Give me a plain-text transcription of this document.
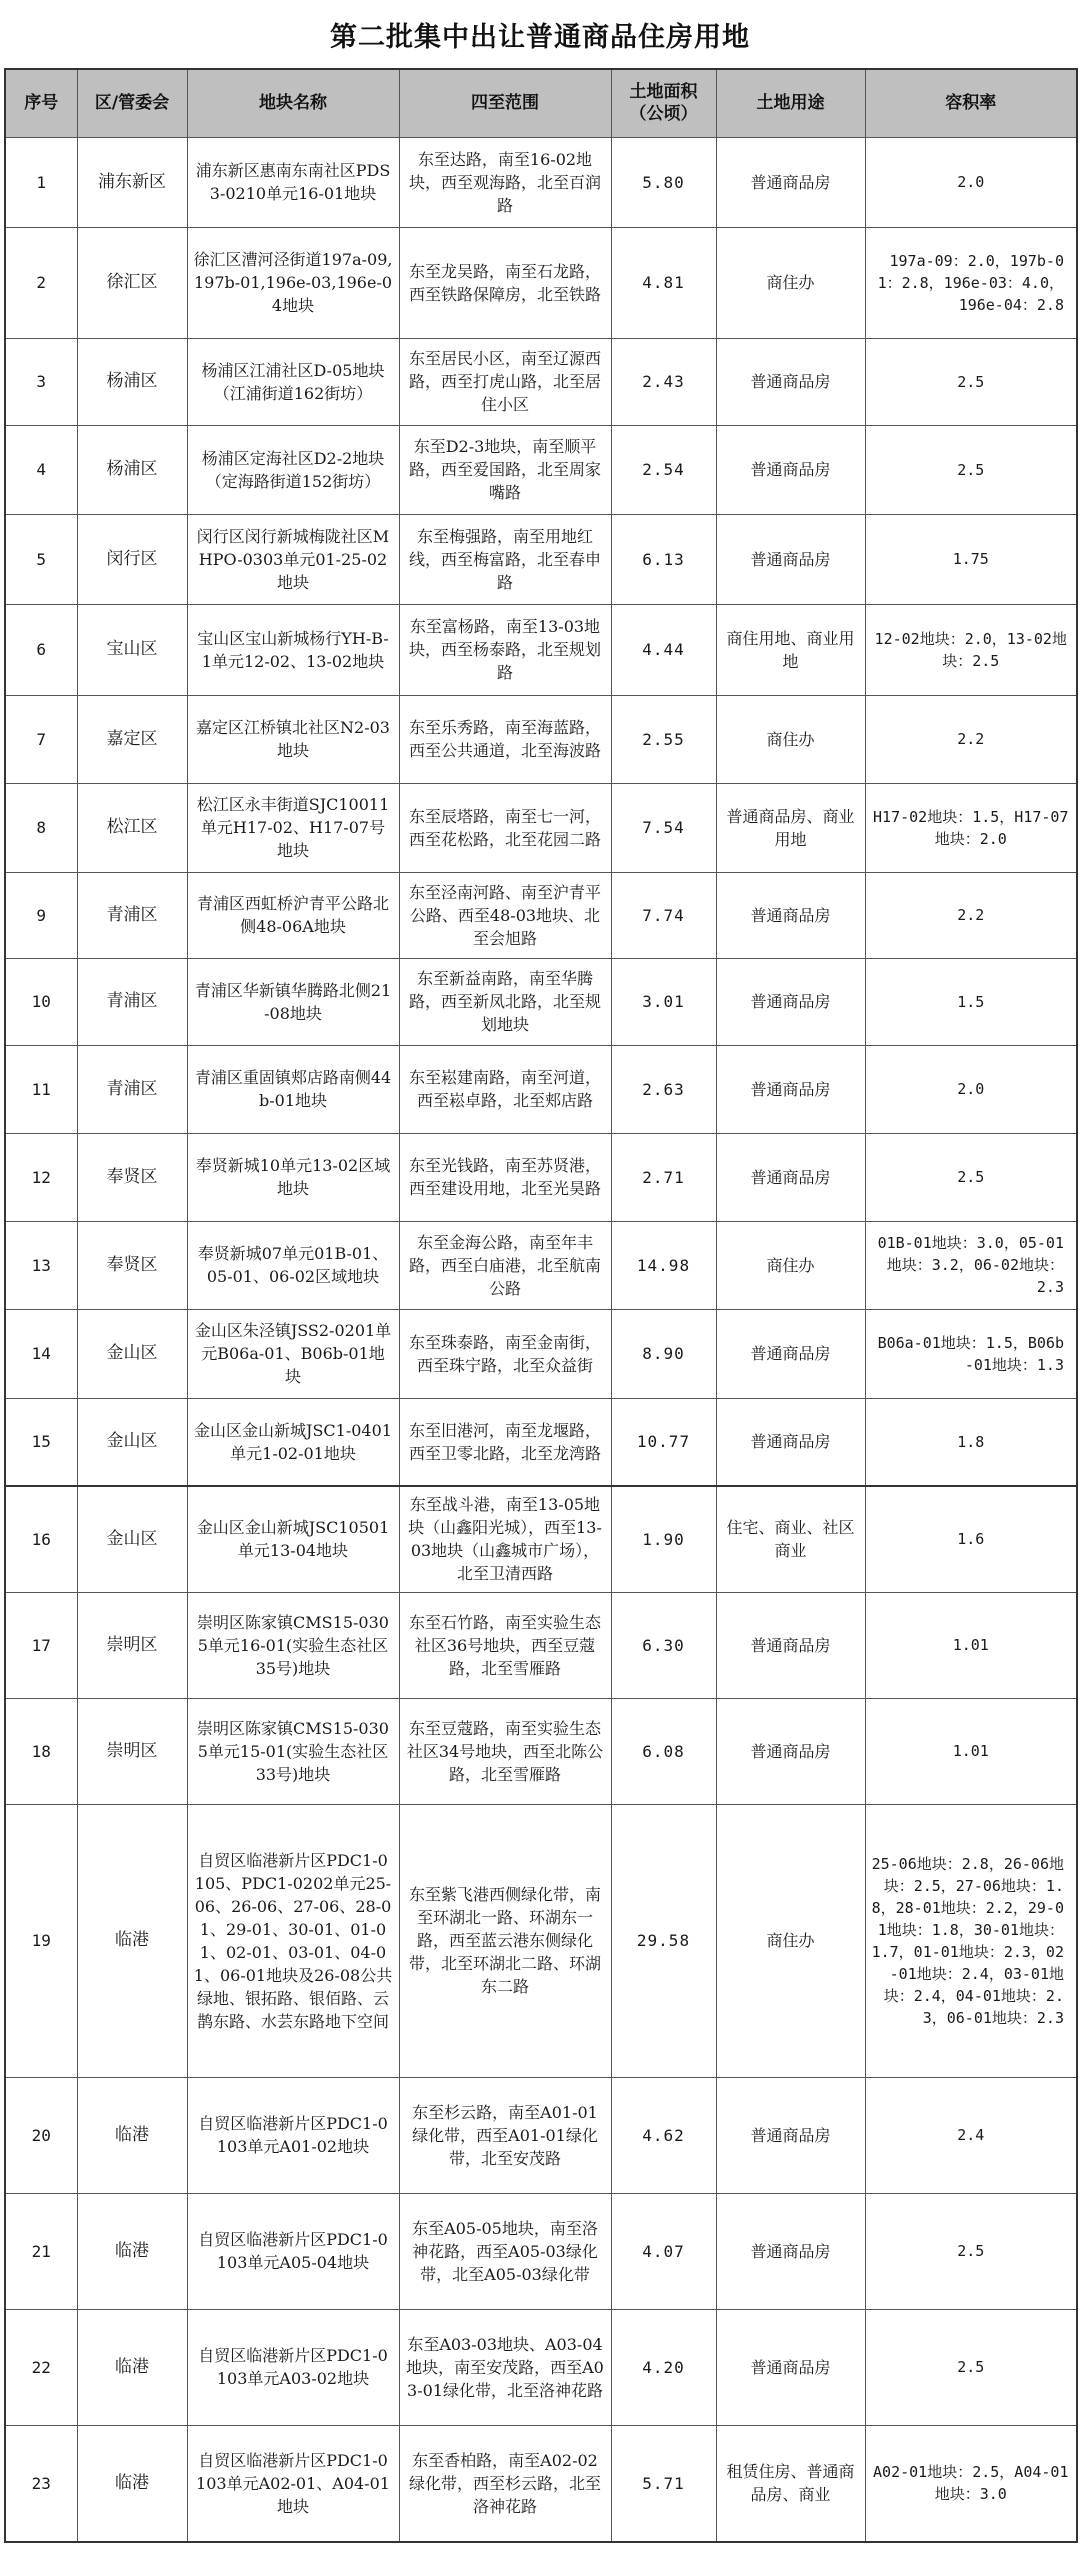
第二批集中出让普通商品住房用地
序号	区/管委会	地块名称	四至范围	土地面积（公顷）	土地用途	容积率
1	浦东新区	浦东新区惠南东南社区PDS3-0210单元16-01地块	东至达路，南至16-02地块，西至观海路，北至百润路	5.80	普通商品房	2.0
2	徐汇区	徐汇区漕河泾街道197a-09,197b-01,196e-03,196e-04地块	东至龙吴路，南至石龙路，西至铁路保障房，北至铁路	4.81	商住办	197a-09：2.0，197b-01：2.8，196e-03：4.0，196e-04：2.8
3	杨浦区	杨浦区江浦社区D-05地块（江浦街道162街坊）	东至居民小区，南至辽源西路，西至打虎山路，北至居住小区	2.43	普通商品房	2.5
4	杨浦区	杨浦区定海社区D2-2地块（定海路街道152街坊）	东至D2-3地块，南至顺平路，西至爱国路，北至周家嘴路	2.54	普通商品房	2.5
5	闵行区	闵行区闵行新城梅陇社区MHPO-0303单元01-25-02地块	东至梅强路，南至用地红线，西至梅富路，北至春申路	6.13	普通商品房	1.75
6	宝山区	宝山区宝山新城杨行YH-B-1单元12-02、13-02地块	东至富杨路，南至13-03地块，西至杨泰路，北至规划路	4.44	商住用地、商业用地	12-02地块：2.0，13-02地块：2.5
7	嘉定区	嘉定区江桥镇北社区N2-03地块	东至乐秀路，南至海蓝路，西至公共通道，北至海波路	2.55	商住办	2.2
8	松江区	松江区永丰街道SJC10011单元H17-02、H17-07号地块	东至辰塔路，南至七一河，西至花松路，北至花园二路	7.54	普通商品房、商业用地	H17-02地块：1.5，H17-07地块：2.0
9	青浦区	青浦区西虹桥沪青平公路北侧48-06A地块	东至泾南河路、南至沪青平公路、西至48-03地块、北至会旭路	7.74	普通商品房	2.2
10	青浦区	青浦区华新镇华腾路北侧21-08地块	东至新益南路，南至华腾路，西至新凤北路，北至规划地块	3.01	普通商品房	1.5
11	青浦区	青浦区重固镇郏店路南侧44b-01地块	东至崧建南路，南至河道，西至崧卓路，北至郏店路	2.63	普通商品房	2.0
12	奉贤区	奉贤新城10单元13-02区域地块	东至光钱路，南至苏贤港，西至建设用地，北至光昊路	2.71	普通商品房	2.5
13	奉贤区	奉贤新城07单元01B-01、05-01、06-02区域地块	东至金海公路，南至年丰路，西至白庙港，北至航南公路	14.98	商住办	01B-01地块：3.0，05-01地块：3.2，06-02地块：2.3
14	金山区	金山区朱泾镇JSS2-0201单元B06a-01、B06b-01地块	东至珠泰路，南至金南街，西至珠宁路，北至众益街	8.90	普通商品房	B06a-01地块：1.5，B06b-01地块：1.3
15	金山区	金山区金山新城JSC1-0401单元1-02-01地块	东至旧港河，南至龙堰路，西至卫零北路，北至龙湾路	10.77	普通商品房	1.8
16	金山区	金山区金山新城JSC10501单元13-04地块	东至战斗港，南至13-05地块（山鑫阳光城），西至13-03地块（山鑫城市广场），北至卫清西路	1.90	住宅、商业、社区商业	1.6
17	崇明区	崇明区陈家镇CMS15-0305单元16-01(实验生态社区35号)地块	东至石竹路，南至实验生态社区36号地块，西至豆蔻路，北至雪雁路	6.30	普通商品房	1.01
18	崇明区	崇明区陈家镇CMS15-0305单元15-01(实验生态社区33号)地块	东至豆蔻路，南至实验生态社区34号地块，西至北陈公路，北至雪雁路	6.08	普通商品房	1.01
19	临港	自贸区临港新片区PDC1-0105、PDC1-0202单元25-06、26-06、27-06、28-01、29-01、30-01、01-01、02-01、03-01、04-01、06-01地块及26-08公共绿地、银拓路、银佰路、云鹊东路、水芸东路地下空间	东至紫飞港西侧绿化带，南至环湖北一路、环湖东一路，西至蓝云港东侧绿化带，北至环湖北二路、环湖东二路	29.58	商住办	25-06地块：2.8，26-06地块：2.5，27-06地块：1.8，28-01地块：2.2，29-01地块：1.8，30-01地块：1.7，01-01地块：2.3，02-01地块：2.4，03-01地块：2.4，04-01地块：2.3，06-01地块：2.3
20	临港	自贸区临港新片区PDC1-0103单元A01-02地块	东至杉云路，南至A01-01绿化带，西至A01-01绿化带，北至安茂路	4.62	普通商品房	2.4
21	临港	自贸区临港新片区PDC1-0103单元A05-04地块	东至A05-05地块，南至洛神花路，西至A05-03绿化带，北至A05-03绿化带	4.07	普通商品房	2.5
22	临港	自贸区临港新片区PDC1-0103单元A03-02地块	东至A03-03地块、A03-04地块，南至安茂路，西至A03-01绿化带，北至洛神花路	4.20	普通商品房	2.5
23	临港	自贸区临港新片区PDC1-0103单元A02-01、A04-01地块	东至香柏路，南至A02-02绿化带，西至杉云路，北至洛神花路	5.71	租赁住房、普通商品房、商业	A02-01地块：2.5，A04-01地块：3.0
